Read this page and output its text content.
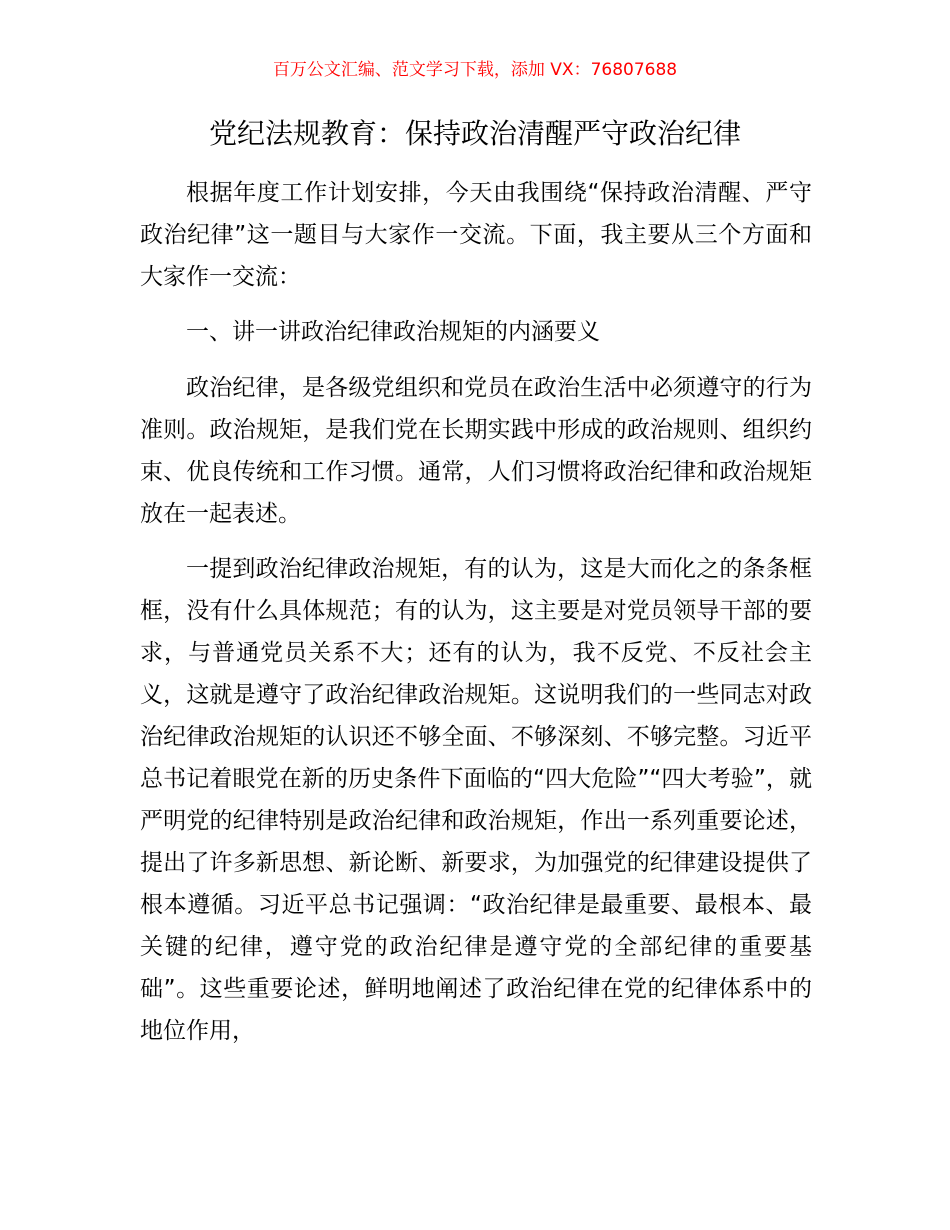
百万公文汇编、范文学习下载，添加 VX：76807688
党纪法规教育：保持政治清醒严守政治纪律

根据年度工作计划安排，今天由我围绕“保持政治清醒、严守政治纪律”这一题目与大家作一交流。下面，我主要从三个方面和大家作一交流：

一、讲一讲政治纪律政治规矩的内涵要义

政治纪律，是各级党组织和党员在政治生活中必须遵守的行为准则。政治规矩，是我们党在长期实践中形成的政治规则、组织约束、优良传统和工作习惯。通常，人们习惯将政治纪律和政治规矩放在一起表述。

一提到政治纪律政治规矩，有的认为，这是大而化之的条条框框，没有什么具体规范；有的认为，这主要是对党员领导干部的要求，与普通党员关系不大；还有的认为，我不反党、不反社会主义，这就是遵守了政治纪律政治规矩。这说明我们的一些同志对政治纪律政治规矩的认识还不够全面、不够深刻、不够完整。习近平总书记着眼党在新的历史条件下面临的“四大危险”“四大考验”，就严明党的纪律特别是政治纪律和政治规矩，作出一系列重要论述，提出了许多新思想、新论断、新要求，为加强党的纪律建设提供了根本遵循。习近平总书记强调：“政治纪律是最重要、最根本、最关键的纪律，遵守党的政治纪律是遵守党的全部纪律的重要基础”。这些重要论述，鲜明地阐述了政治纪律在党的纪律体系中的地位作用，
